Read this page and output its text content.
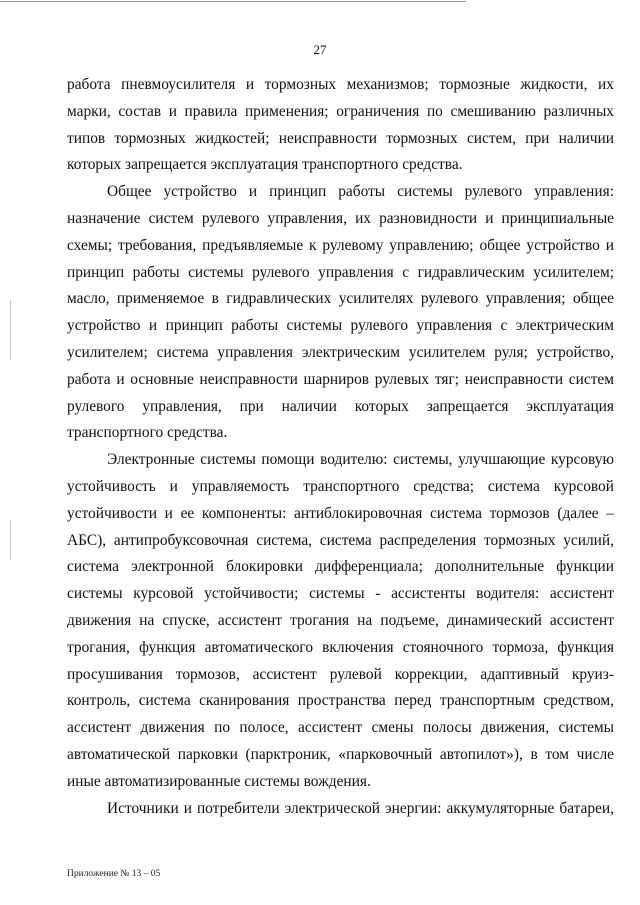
27

работа пневмоусилителя и тормозных механизмов; тормозные жидкости, их марки, состав и правила применения; ограничения по смешиванию различных типов тормозных жидкостей; неисправности тормозных систем, при наличии которых запрещается эксплуатация транспортного средства.

Общее устройство и принцип работы системы рулевого управления: назначение систем рулевого управления, их разновидности и принципиальные схемы; требования, предъявляемые к рулевому управлению; общее устройство и принцип работы системы рулевого управления с гидравлическим усилителем; масло, применяемое в гидравлических усилителях рулевого управления; общее устройство и принцип работы системы рулевого управления с электрическим усилителем; система управления электрическим усилителем руля; устройство, работа и основные неисправности шарниров рулевых тяг; неисправности систем рулевого управления, при наличии которых запрещается эксплуатация транспортного средства.

Электронные системы помощи водителю: системы, улучшающие курсовую устойчивость и управляемость транспортного средства; система курсовой устойчивости и ее компоненты: антиблокировочная система тормозов (далее – АБС), антипробуксовочная система, система распределения тормозных усилий, система электронной блокировки дифференциала; дополнительные функции системы курсовой устойчивости; системы - ассистенты водителя: ассистент движения на спуске, ассистент трогания на подъеме, динамический ассистент трогания, функция автоматического включения стояночного тормоза, функция просушивания тормозов, ассистент рулевой коррекции, адаптивный круиз-контроль, система сканирования пространства перед транспортным средством, ассистент движения по полосе, ассистент смены полосы движения, системы автоматической парковки (парктроник, «парковочный автопилот»), в том числе иные автоматизированные системы вождения.

Источники и потребители электрической энергии: аккумуляторные батареи,

Приложение № 13 – 05
